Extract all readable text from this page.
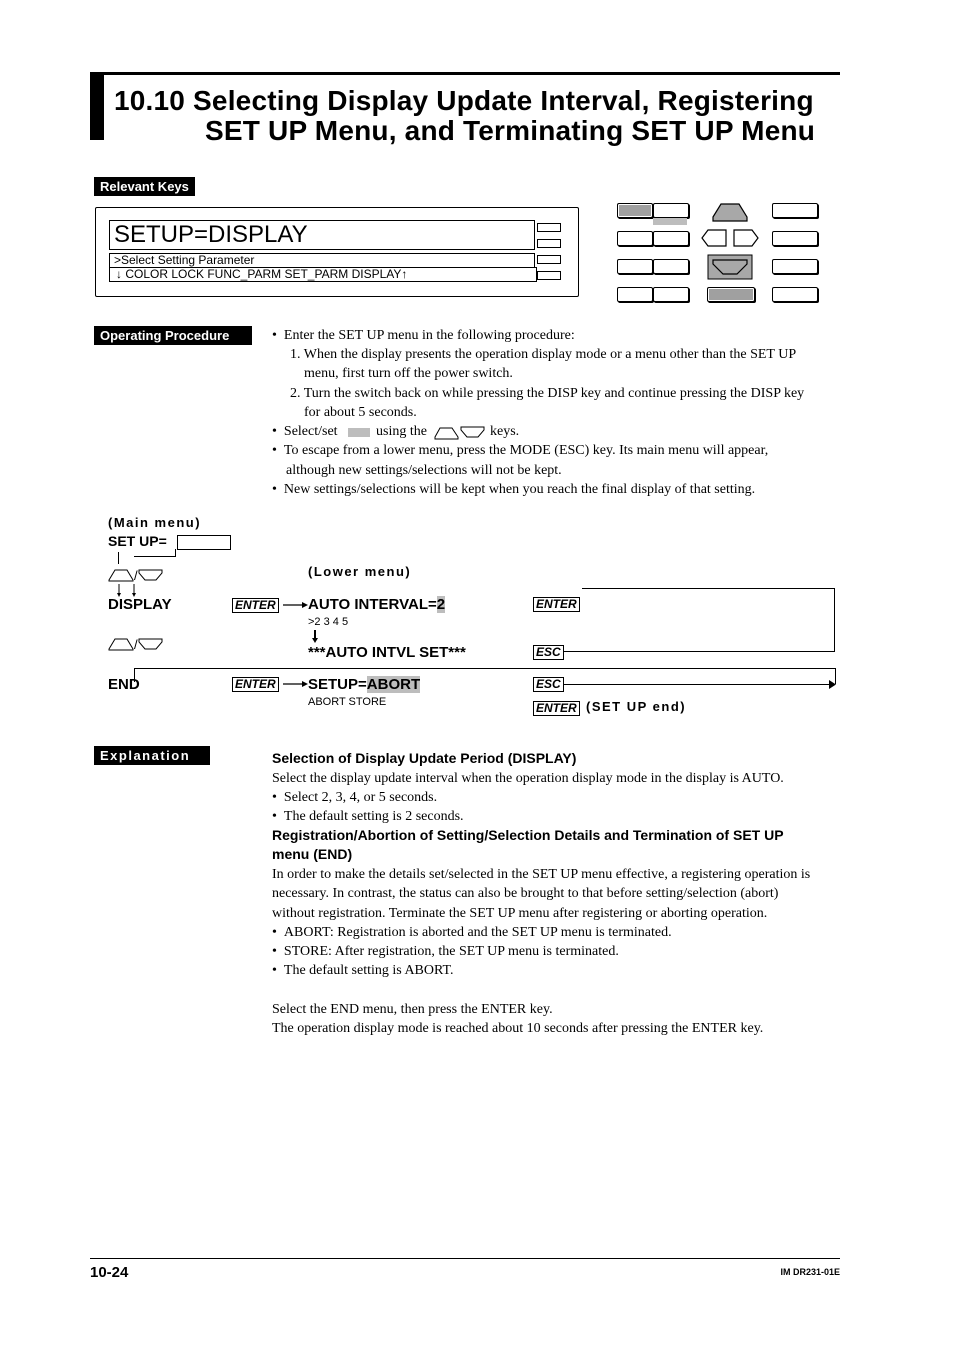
10.10 Selecting Display Update Interval, Registering
SET UP Menu, and Terminating SET UP Menu
Relevant Keys
SETUP=DISPLAY
>Select Setting Parameter
↓ COLOR LOCK FUNC_PARM SET_PARM DISPLAY↑
Operating Procedure	•  Enter the SET UP menu in the following procedure:
1. When the display presents the operation display mode or a menu other than the SET UP
menu, first turn off the power switch.
2. Turn the switch back on while pressing the DISP key and continue pressing the DISP key
for about 5 seconds.
•  Select/set	using the	keys.
•  To escape from a lower menu, press the MODE (ESC) key. Its main menu will appear,
although new settings/selections will not be kept.
•  New settings/selections will be kept when you reach the final display of that setting.
(Main menu)
SET UP=
/	(Lower menu)
DISPLAY	ENTER AUTO INTERVAL=2	ENTER
>2 3 4 5
/	***AUTO INTVL SET***	ESC
END	ENTER SETUP=ABORT	ESC
ABORT STORE	ENTER (SET UP end)
Explanation	Selection of Display Update Period (DISPLAY)
Select the display update interval when the operation display mode in the display is AUTO.
•  Select 2, 3, 4, or 5 seconds.
•  The default setting is 2 seconds.
Registration/Abortion of Setting/Selection Details and Termination of SET UP
menu (END)
In order to make the details set/selected in the SET UP menu effective, a registering operation is
necessary. In contrast, the status can also be brought to that before setting/selection (abort)
without registration. Terminate the SET UP menu after registering or aborting operation.
•  ABORT: Registration is aborted and the SET UP menu is terminated.
•  STORE: After registration, the SET UP menu is terminated.
•  The default setting is ABORT.
Select the END menu, then press the ENTER key.
The operation display mode is reached about 10 seconds after pressing the ENTER key.
10-24	IM DR231-01E
